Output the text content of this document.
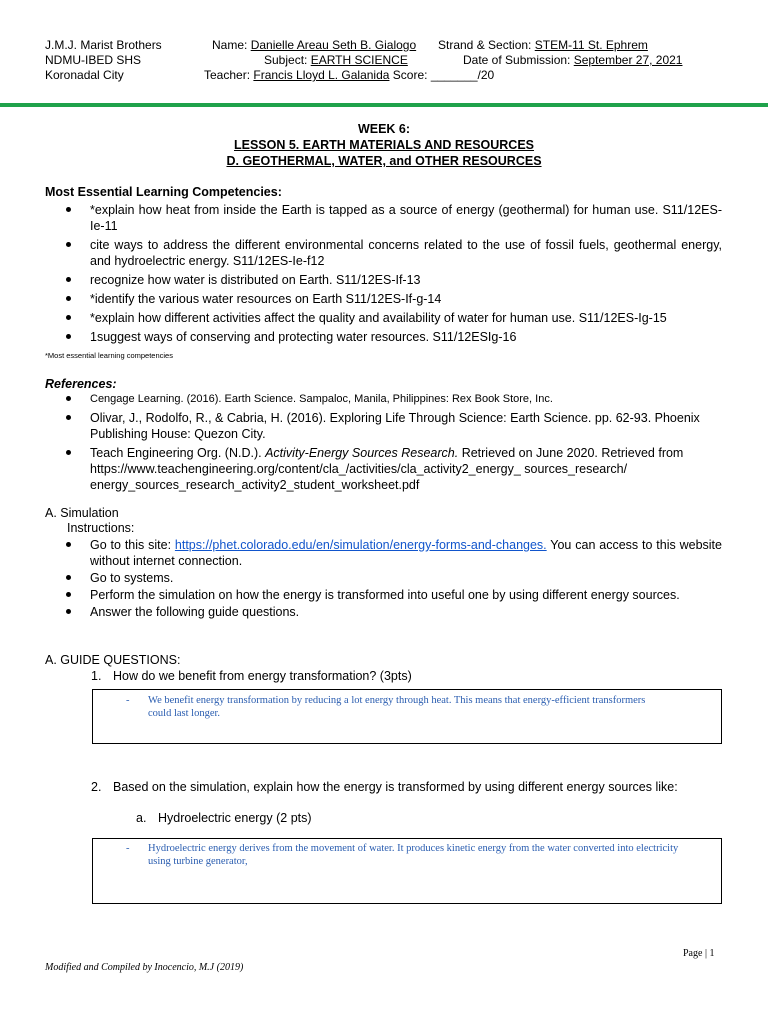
J.M.J. Marist Brothers
NDMU-IBED SHS
Koronadal City
Name: Danielle Areau Seth B. Gialogo Strand & Section: STEM-11 St. Ephrem
Subject: EARTH SCIENCE	Date of Submission: September 27, 2021
Teacher: Francis Lloyd L. Galanida Score: _______/20
WEEK 6:
LESSON 5. EARTH MATERIALS AND RESOURCES
D. GEOTHERMAL, WATER, and OTHER RESOURCES
Most Essential Learning Competencies:
*explain how heat from inside the Earth is tapped as a source of energy (geothermal) for human use. S11/12ES-Ie-11
cite ways to address the different environmental concerns related to the use of fossil fuels, geothermal energy, and hydroelectric energy. S11/12ES-Ie-f12
recognize how water is distributed on Earth. S11/12ES-If-13
*identify the various water resources on Earth S11/12ES-If-g-14
*explain how different activities affect the quality and availability of water for human use. S11/12ES-Ig-15
1suggest ways of conserving and protecting water resources. S11/12ESIg-16
*Most essential learning competencies
References:
Cengage Learning. (2016). Earth Science. Sampaloc, Manila, Philippines: Rex Book Store, Inc.
Olivar, J., Rodolfo, R., & Cabria, H. (2016). Exploring Life Through Science: Earth Science. pp. 62-93. Phoenix Publishing House: Quezon City.
Teach Engineering Org. (N.D.). Activity-Energy Sources Research. Retrieved on June 2020. Retrieved from https://www.teachengineering.org/content/cla_/activities/cla_activity2_energy_ sources_research/ energy_sources_research_activity2_student_worksheet.pdf
A. Simulation
Instructions:
Go to this site: https://phet.colorado.edu/en/simulation/energy-forms-and-changes. You can access to this website without internet connection.
Go to systems.
Perform the simulation on how the energy is transformed into useful one by using different energy sources.
Answer the following guide questions.
A. GUIDE QUESTIONS:
1. How do we benefit from energy transformation? (3pts)
- We benefit energy transformation by reducing a lot energy through heat. This means that energy-efficient transformers could last longer.
2. Based on the simulation, explain how the energy is transformed by using different energy sources like:
a. Hydroelectric energy (2 pts)
- Hydroelectric energy derives from the movement of water. It produces kinetic energy from the water converted into electricity using turbine generator,
Page | 1
Modified and Compiled by Inocencio, M.J (2019)
